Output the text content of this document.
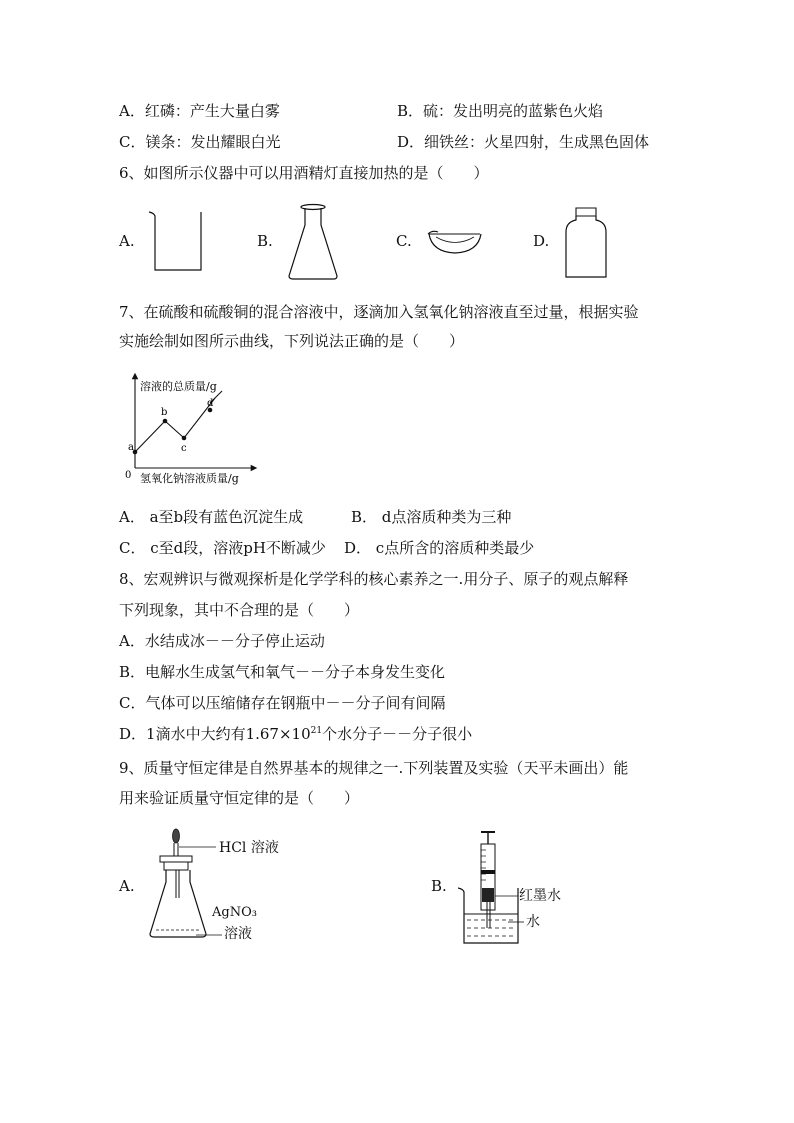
A．红磷：产生大量白雾	B．硫：发出明亮的蓝紫色火焰
C．镁条：发出耀眼白光	D．细铁丝：火星四射，生成黑色固体
6、如图所示仪器中可以用酒精灯直接加热的是（　　）
A.	B.	C.	D.
7、在硫酸和硫酸铜的混合溶液中，逐滴加入氢氧化钠溶液直至过量，根据实验
实施绘制如图所示曲线，下列说法正确的是（　　）
溶液的总质量/g
氢氧化钠溶液质量/g
0
a
b
c
d
A． a至b段有蓝色沉淀生成	B． d点溶质种类为三种
C． c至d段，溶液pH不断减少 D． c点所含的溶质种类最少
8、宏观辨识与微观探析是化学学科的核心素养之一.用分子、原子的观点解释
下列现象，其中不合理的是（　　）
A．水结成冰－－分子停止运动
B．电解水生成氢气和氧气－－分子本身发生变化
C．气体可以压缩储存在钢瓶中－－分子间有间隔
D．1滴水中大约有$1.67\times 10^{21}$个水分子－－分子很小
9、质量守恒定律是自然界基本的规律之一.下列装置及实验（天平未画出）能
用来验证质量守恒定律的是（　　）
A.
HCl 溶液
AgNO₃
溶液
B.
红墨水
水
